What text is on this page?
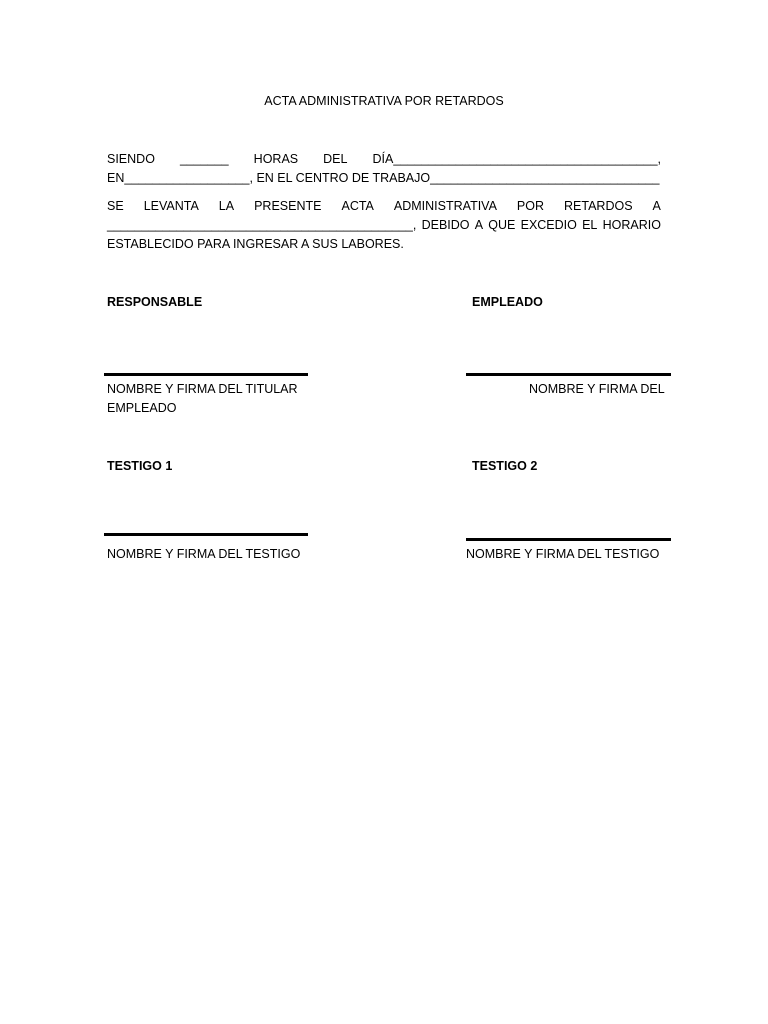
ACTA ADMINISTRATIVA POR RETARDOS
SIENDO _______ HORAS DEL DÍA______________________________________,
EN__________________, EN EL CENTRO DE TRABAJO_________________________________
SE LEVANTA LA PRESENTE ACTA ADMINISTRATIVA POR RETARDOS A
____________________________________________, DEBIDO A QUE EXCEDIO EL HORARIO
ESTABLECIDO PARA INGRESAR A SUS LABORES.
RESPONSABLE	EMPLEADO
NOMBRE Y FIRMA DEL TITULAR
EMPLEADO
NOMBRE Y FIRMA DEL
TESTIGO 1	TESTIGO 2
NOMBRE Y FIRMA DEL TESTIGO	NOMBRE Y FIRMA DEL TESTIGO
